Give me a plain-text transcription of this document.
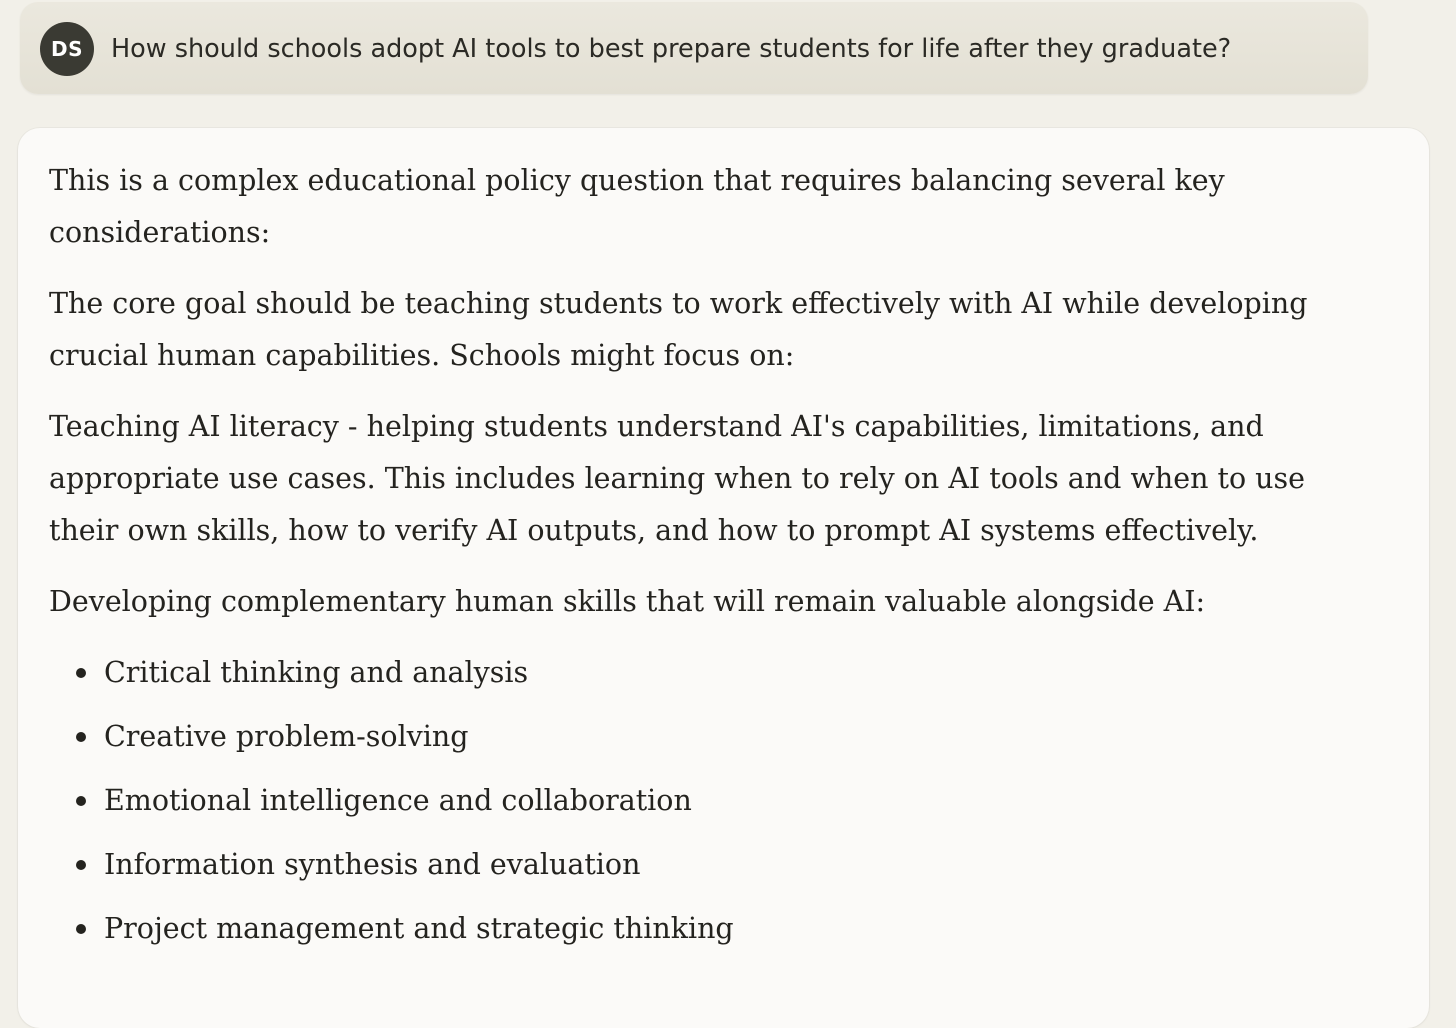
DS	How should schools adopt AI tools to best prepare students for life after they graduate?

This is a complex educational policy question that requires balancing several key
considerations:

The core goal should be teaching students to work effectively with AI while developing
crucial human capabilities. Schools might focus on:

Teaching AI literacy - helping students understand AI's capabilities, limitations, and
appropriate use cases. This includes learning when to rely on AI tools and when to use
their own skills, how to verify AI outputs, and how to prompt AI systems effectively.

Developing complementary human skills that will remain valuable alongside AI:

Critical thinking and analysis
Creative problem-solving
Emotional intelligence and collaboration
Information synthesis and evaluation
Project management and strategic thinking
